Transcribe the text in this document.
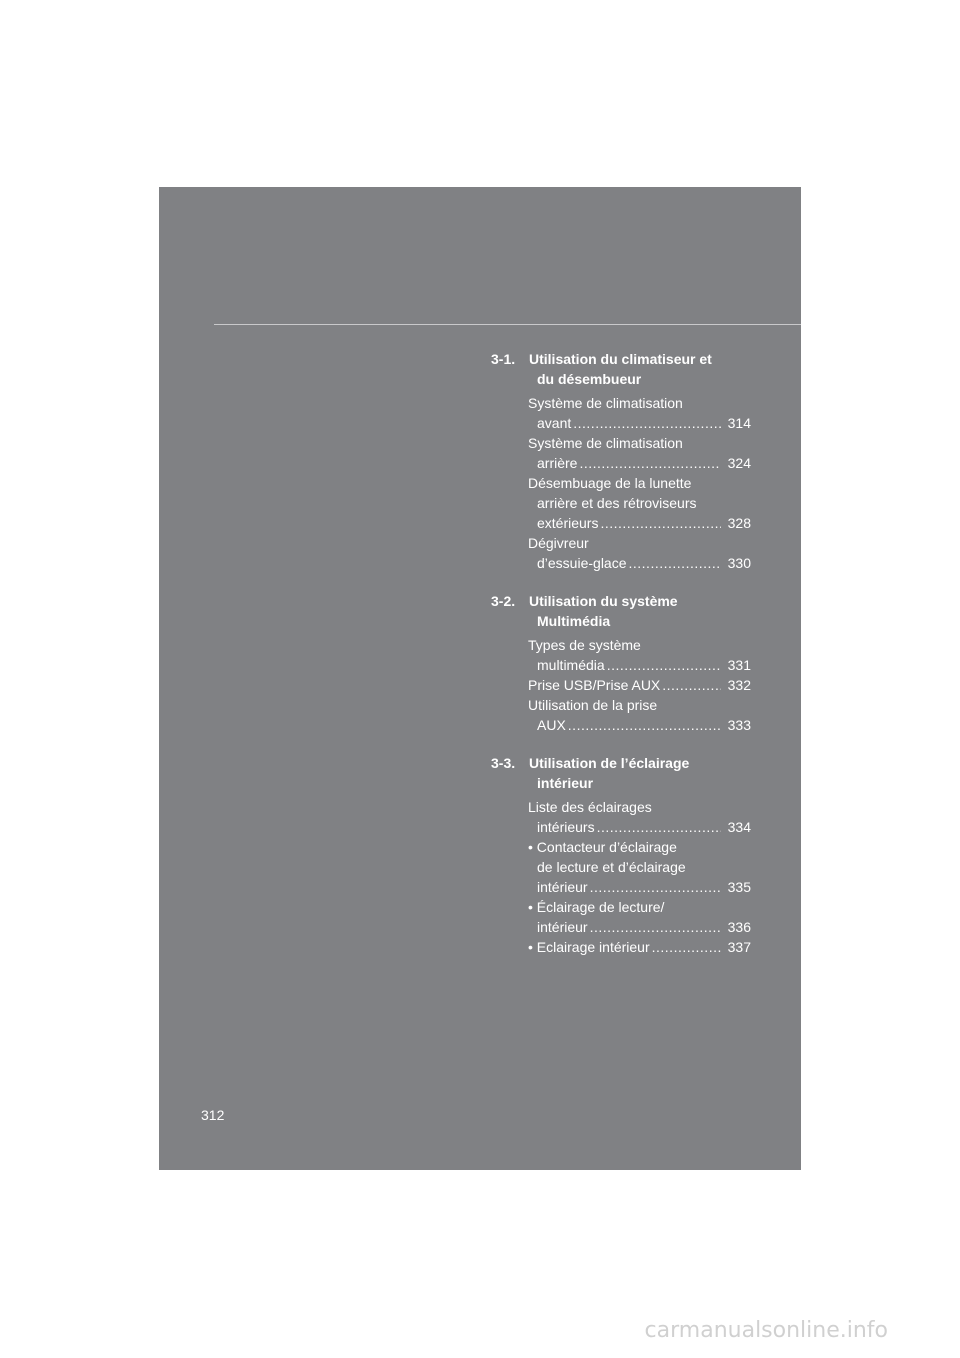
3-1. Utilisation du climatiseur et
du désembueur
Système de climatisation
avant .....	314
Système de climatisation
arrière .....	324
Désembuage de la lunette
arrière et des rétroviseurs
extérieurs .....	328
Dégivreur
d’essuie-glace .....	330
3-2. Utilisation du système
Multimédia
Types de système
multimédia .....	331
Prise USB/Prise AUX .....	332
Utilisation de la prise
AUX .....	333
3-3. Utilisation de l’éclairage
intérieur
Liste des éclairages
intérieurs .....	334
• Contacteur d’éclairage
de lecture et d’éclairage
intérieur .....	335
• Éclairage de lecture/
intérieur .....	336
• Eclairage intérieur .....	337
312
carmanualsonline.info
